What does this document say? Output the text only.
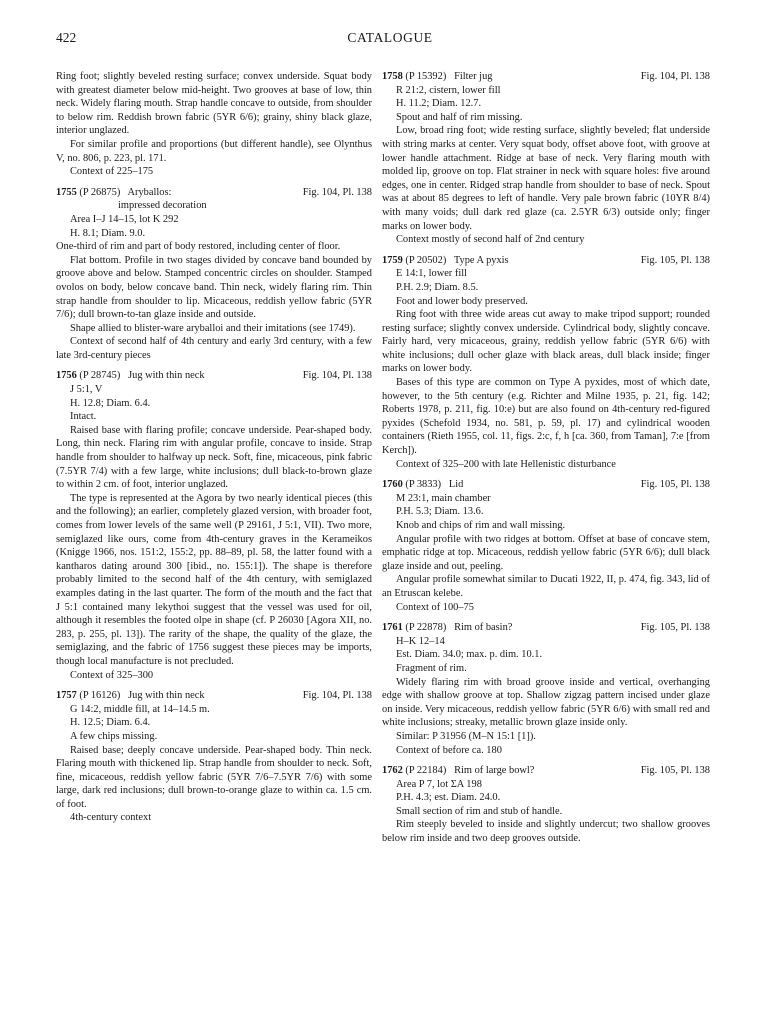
422	CATALOGUE

Ring foot; slightly beveled resting surface; convex underside. Squat body with greatest diameter below mid-height. Two grooves at base of low, thin neck. Widely flaring mouth. Strap handle concave to outside, from shoulder to below rim. Reddish brown fabric (5YR 6/6); grainy, shiny black glaze, interior unglazed.

For similar profile and proportions (but different handle), see Olynthus V, no. 806, p. 223, pl. 171.

Context of 225–175

1755 (P 26875) Aryballos:	Fig. 104, Pl. 138
impressed decoration

Area I–J 14–15, lot K 292

H. 8.1; Diam. 9.0.

One-third of rim and part of body restored, including center of floor.

Flat bottom. Profile in two stages divided by concave band bounded by groove above and below. Stamped concentric circles on shoulder. Stamped ovolos on body, below concave band. Thin neck, widely flaring rim. Thin strap handle from shoulder to lip. Micaceous, reddish yellow fabric (5YR 7/6); dull brown-to-tan glaze inside and outside.

Shape allied to blister-ware aryballoi and their imitations (see 1749).

Context of second half of 4th century and early 3rd century, with a few late 3rd-century pieces

1756 (P 28745) Jug with thin neck	Fig. 104, Pl. 138

J 5:1, V

H. 12.8; Diam. 6.4.

Intact.

Raised base with flaring profile; concave underside. Pear-shaped body. Long, thin neck. Flaring rim with angular profile, concave to inside. Strap handle from shoulder to halfway up neck. Soft, fine, micaceous, pink fabric (7.5YR 7/4) with a few large, white inclusions; dull black-to-brown glaze to within 2 cm. of foot, interior unglazed.

The type is represented at the Agora by two nearly identical pieces (this and the following); an earlier, completely glazed version, with broader foot, comes from lower levels of the same well (P 29161, J 5:1, VII). Two more, semiglazed like ours, come from 4th-century graves in the Kerameikos (Knigge 1966, nos. 151:2, 155:2, pp. 88–89, pl. 58, the latter found with a kantharos dating around 300 [ibid., no. 155:1]). The shape is therefore probably limited to the second half of the 4th century, with semiglazed examples dating in the last quarter. The form of the mouth and the fact that J 5:1 contained many lekythoi suggest that the vessel was used for oil, although it resembles the footed olpe in shape (cf. P 26030 [Agora XII, no. 283, p. 255, pl. 13]). The rarity of the shape, the quality of the glaze, the semiglazing, and the fabric of 1756 suggest these pieces may be imports, though local manufacture is not precluded.

Context of 325–300

1757 (P 16126) Jug with thin neck	Fig. 104, Pl. 138

G 14:2, middle fill, at 14–14.5 m.

H. 12.5; Diam. 6.4.

A few chips missing.

Raised base; deeply concave underside. Pear-shaped body. Thin neck. Flaring mouth with thickened lip. Strap handle from shoulder to neck. Soft, fine, micaceous, reddish yellow fabric (5YR 7/6–7.5YR 7/6) with some large, dark red inclusions; dull brown-to-orange glaze to within ca. 1.5 cm. of foot.

4th-century context

1758 (P 15392) Filter jug	Fig. 104, Pl. 138

R 21:2, cistern, lower fill

H. 11.2; Diam. 12.7.

Spout and half of rim missing.

Low, broad ring foot; wide resting surface, slightly beveled; flat underside with string marks at center. Very squat body, offset above foot, with groove at lower handle attachment. Ridge at base of neck. Very flaring mouth with molded lip, groove on top. Flat strainer in neck with square holes: five around edges, one in center. Ridged strap handle from shoulder to base of neck. Spout was at about 85 degrees to left of handle. Very pale brown fabric (10YR 8/4) with many voids; dull dark red glaze (ca. 2.5YR 6/3) outside only; finger marks on lower body.

Context mostly of second half of 2nd century

1759 (P 20502) Type A pyxis	Fig. 105, Pl. 138

E 14:1, lower fill

P.H. 2.9; Diam. 8.5.

Foot and lower body preserved.

Ring foot with three wide areas cut away to make tripod support; rounded resting surface; slightly convex underside. Cylindrical body, slightly concave. Fairly hard, very micaceous, grainy, reddish yellow fabric (5YR 6/6) with white inclusions; dull ocher glaze with black areas, dull black inside; finger marks on lower body.

Bases of this type are common on Type A pyxides, most of which date, however, to the 5th century (e.g. Richter and Milne 1935, p. 21, fig. 142; Roberts 1978, p. 211, fig. 10:e) but are also found on 4th-century red-figured pyxides (Schefold 1934, no. 581, p. 59, pl. 17) and cylindrical wooden containers (Rieth 1955, col. 11, figs. 2:c, f, h [ca. 360, from Taman], 7:e [from Kerch]).

Context of 325–200 with late Hellenistic disturbance

1760 (P 3833) Lid	Fig. 105, Pl. 138

M 23:1, main chamber

P.H. 5.3; Diam. 13.6.

Knob and chips of rim and wall missing.

Angular profile with two ridges at bottom. Offset at base of concave stem, emphatic ridge at top. Micaceous, reddish yellow fabric (5YR 6/6); dull black glaze inside and out, peeling.

Angular profile somewhat similar to Ducati 1922, II, p. 474, fig. 343, lid of an Etruscan kelebe.

Context of 100–75

1761 (P 22878) Rim of basin?	Fig. 105, Pl. 138

H–K 12–14

Est. Diam. 34.0; max. p. dim. 10.1.

Fragment of rim.

Widely flaring rim with broad groove inside and vertical, overhanging edge with shallow groove at top. Shallow zigzag pattern incised under glaze on inside. Very micaceous, reddish yellow fabric (5YR 6/6) with small red and white inclusions; streaky, metallic brown glaze inside only.

Similar: P 31956 (M–N 15:1 [1]).

Context of before ca. 180

1762 (P 22184) Rim of large bowl?	Fig. 105, Pl. 138

Area P 7, lot ΣA 198

P.H. 4.3; est. Diam. 24.0.

Small section of rim and stub of handle.

Rim steeply beveled to inside and slightly undercut; two shallow grooves below rim inside and two deep grooves outside.
